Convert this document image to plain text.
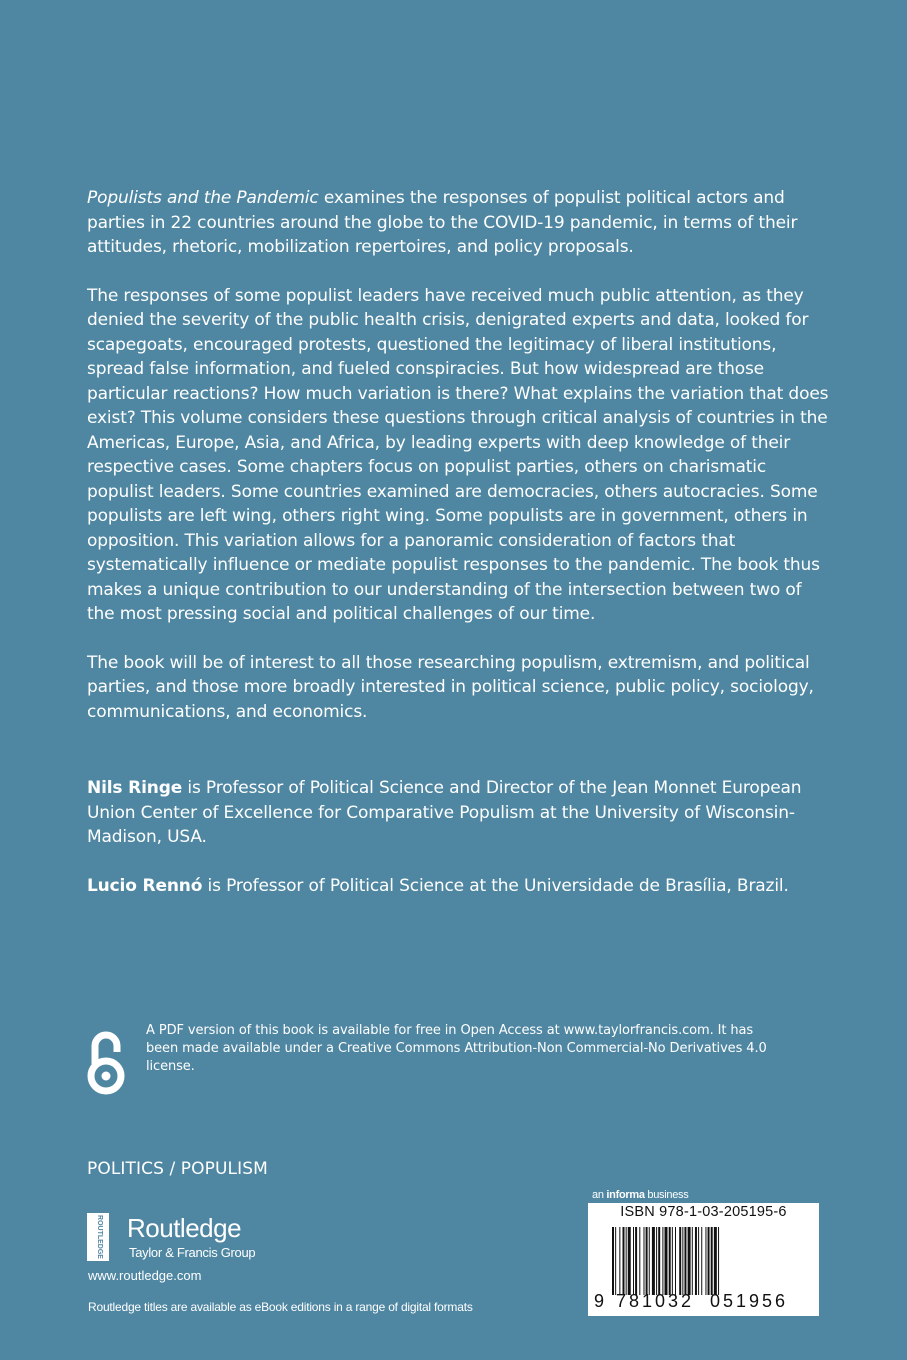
Populists and the Pandemic examines the responses of populist political actors and parties in 22 countries around the globe to the COVID-19 pandemic, in terms of their attitudes, rhetoric, mobilization repertoires, and policy proposals.

The responses of some populist leaders have received much public attention, as they denied the severity of the public health crisis, denigrated experts and data, looked for scapegoats, encouraged protests, questioned the legitimacy of liberal institutions, spread false information, and fueled conspiracies. But how widespread are those particular reactions? How much variation is there? What explains the variation that does exist? This volume considers these questions through critical analysis of countries in the Americas, Europe, Asia, and Africa, by leading experts with deep knowledge of their respective cases. Some chapters focus on populist parties, others on charismatic populist leaders. Some countries examined are democracies, others autocracies. Some populists are left wing, others right wing. Some populists are in government, others in opposition. This variation allows for a panoramic consideration of factors that systematically influence or mediate populist responses to the pandemic. The book thus makes a unique contribution to our understanding of the intersection between two of the most pressing social and political challenges of our time.

The book will be of interest to all those researching populism, extremism, and political parties, and those more broadly interested in political science, public policy, sociology, communications, and economics.

Nils Ringe is Professor of Political Science and Director of the Jean Monnet European Union Center of Excellence for Comparative Populism at the University of Wisconsin-Madison, USA.

Lucio Rennó is Professor of Political Science at the Universidade de Brasília, Brazil.

A PDF version of this book is available for free in Open Access at www.taylorfrancis.com. It has been made available under a Creative Commons Attribution-Non Commercial-No Derivatives 4.0 license.
POLITICS / POPULISM
ROUTLEDGE Routledge
Taylor & Francis Group
www.routledge.com
Routledge titles are available as eBook editions in a range of digital formats
an informa business
ISBN 978-1-03-205195-6
9 781032 051956
